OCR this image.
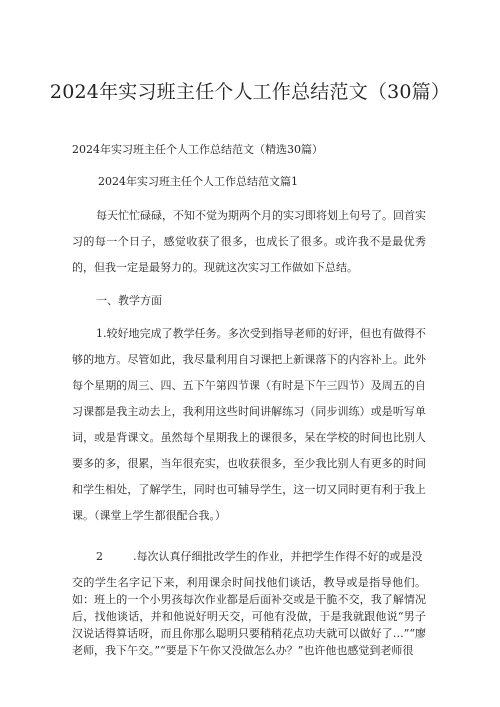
2024年实习班主任个人工作总结范文（30篇）
2024年实习班主任个人工作总结范文（精选30篇）
2024年实习班主任个人工作总结范文篇1
每天忙忙碌碌，不知不觉为期两个月的实习即将划上句号了。回首实习的每一个日子，感觉收获了很多，也成长了很多。或许我不是最优秀的，但我一定是最努力的。现就这次实习工作做如下总结。
一、教学方面
1.较好地完成了教学任务。多次受到指导老师的好评，但也有做得不够的地方。尽管如此，我尽量利用自习课把上新课落下的内容补上。此外每个星期的周三、四、五下午第四节课（有时是下午三四节）及周五的自习课都是我主动去上，我利用这些时间讲解练习（同步训练）或是听写单词，或是背课文。虽然每个星期我上的课很多，呆在学校的时间也比别人要多的多，很累，当年很充实，也收获很多，至少我比别人有更多的时间和学生相处，了解学生，同时也可辅导学生，这一切又同时更有利于我上课。（课堂上学生都很配合我。）
2	.每次认真仔细批改学生的作业，并把学生作得不好的或是没
交的学生名字记下来，利用课余时间找他们谈话，教导或是指导他们。如：班上的一个小男孩每次作业都是后面补交或是干脆不交，我了解情况后，找他谈话，并和他说好明天交，可他有没做，于是我就跟他说“男子汉说话得算话呀，而且你那么聪明只要稍稍花点功夫就可以做好了…”“廖老师，我下午交。”“要是下午你又没做怎么办？”也许他也感觉到老师很
